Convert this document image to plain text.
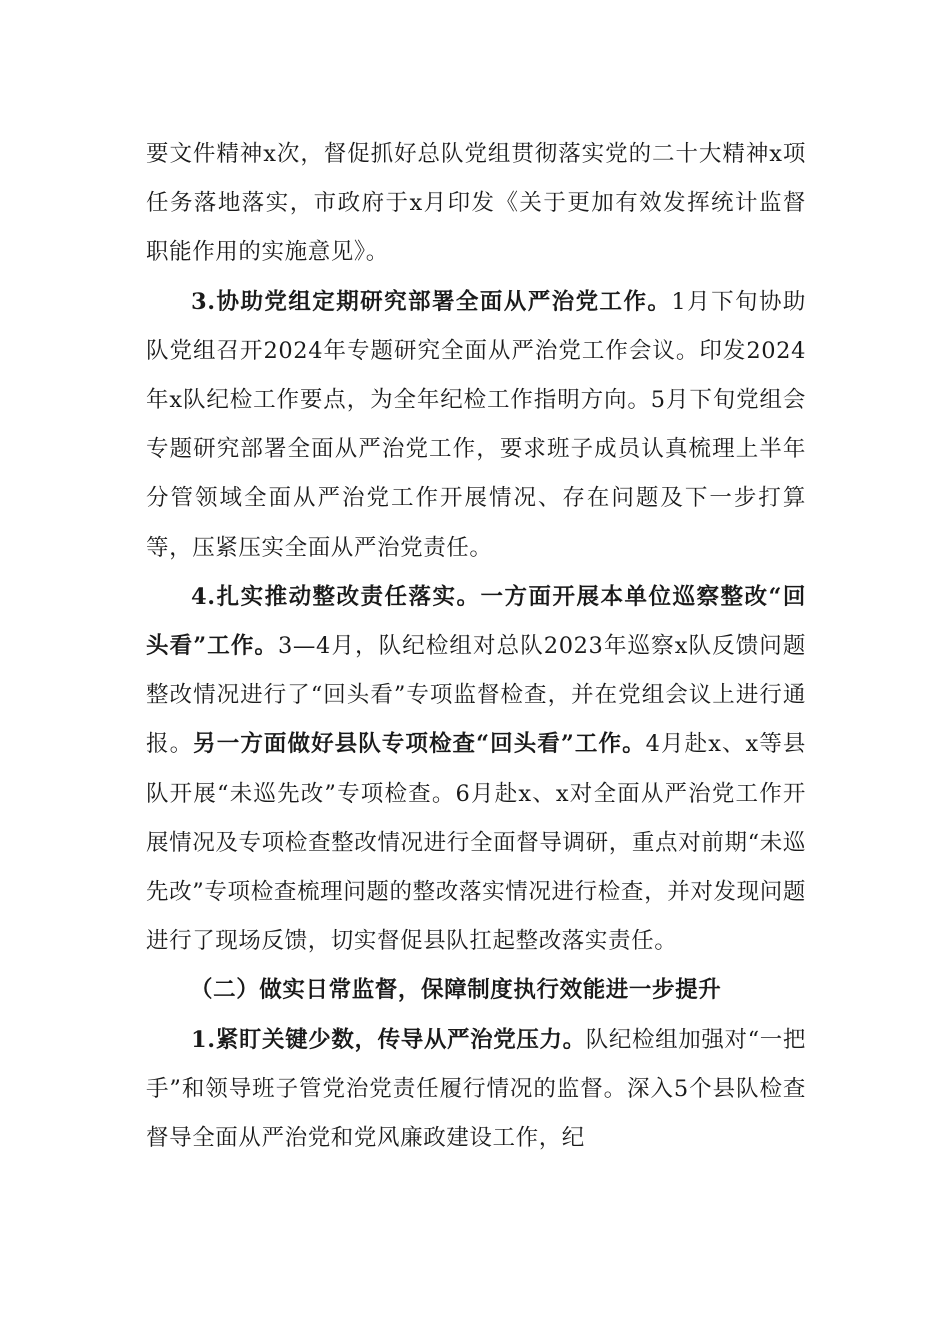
要文件精神x次，督促抓好总队党组贯彻落实党的二十大精神x项任务落地落实，市政府于x月印发《关于更加有效发挥统计监督职能作用的实施意见》。

3.协助党组定期研究部署全面从严治党工作。1月下旬协助队党组召开2024年专题研究全面从严治党工作会议。印发2024年x队纪检工作要点，为全年纪检工作指明方向。5月下旬党组会专题研究部署全面从严治党工作，要求班子成员认真梳理上半年分管领域全面从严治党工作开展情况、存在问题及下一步打算等，压紧压实全面从严治党责任。

4.扎实推动整改责任落实。一方面开展本单位巡察整改“回头看”工作。3—4月，队纪检组对总队2023年巡察x队反馈问题整改情况进行了“回头看”专项监督检查，并在党组会议上进行通报。另一方面做好县队专项检查“回头看”工作。4月赴x、x等县队开展“未巡先改”专项检查。6月赴x、x对全面从严治党工作开展情况及专项检查整改情况进行全面督导调研，重点对前期“未巡先改”专项检查梳理问题的整改落实情况进行检查，并对发现问题进行了现场反馈，切实督促县队扛起整改落实责任。

（二）做实日常监督，保障制度执行效能进一步提升

1.紧盯关键少数，传导从严治党压力。队纪检组加强对“一把手”和领导班子管党治党责任履行情况的监督。深入5个县队检查督导全面从严治党和党风廉政建设工作，纪
